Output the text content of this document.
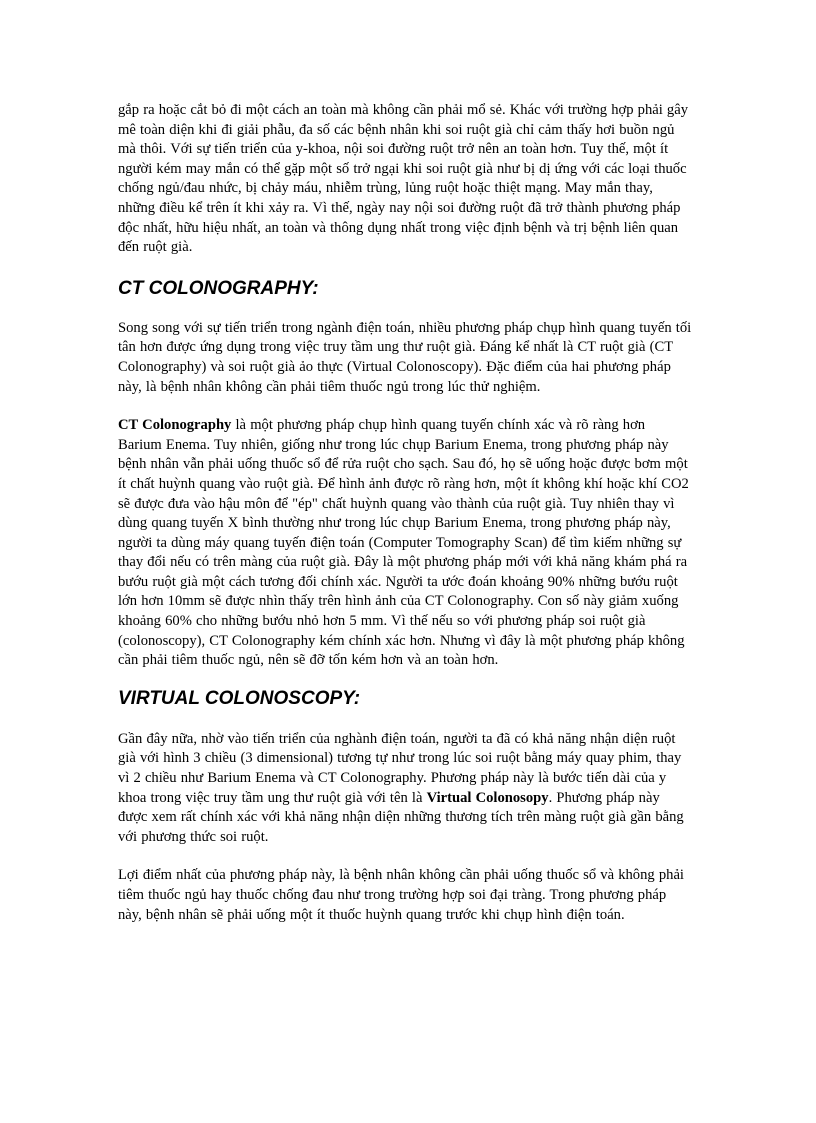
gắp ra hoặc cắt bỏ đi một cách an toàn mà không cần phải mổ sẻ. Khác với trường hợp phải gây mê toàn diện khi đi giải phẫu, đa số các bệnh nhân khi soi ruột già chỉ cảm thấy hơi buồn ngủ mà thôi. Với sự tiến triển của y-khoa, nội soi đường ruột trở nên an toàn hơn. Tuy thế, một ít người kém may mắn có thể gặp một số trở ngại khi soi ruột già như bị dị ứng với các loại thuốc chống ngủ/đau nhức, bị chảy máu, nhiễm trùng, lủng ruột hoặc thiệt mạng. May mắn thay, những điều kể trên ít khi xảy ra. Vì thế, ngày nay nội soi đường ruột đã trở thành phương pháp độc nhất, hữu hiệu nhất, an toàn và thông dụng nhất trong việc định bệnh và trị bệnh liên quan đến ruột già.

CT COLONOGRAPHY:

Song song với sự tiến triển trong ngành điện toán, nhiều phương pháp chụp hình quang tuyến tối tân hơn được ứng dụng trong việc truy tầm ung thư ruột già. Đáng kể nhất là CT ruột già (CT Colonography) và soi ruột già ảo thực (Virtual Colonoscopy). Đặc điểm của hai phương pháp này, là bệnh nhân không cần phải tiêm thuốc ngủ trong lúc thử nghiệm.

CT Colonography là một phương pháp chụp hình quang tuyến chính xác và rõ ràng hơn Barium Enema. Tuy nhiên, giống như trong lúc chụp Barium Enema, trong phương pháp này bệnh nhân vẫn phải uống thuốc sổ để rửa ruột cho sạch. Sau đó, họ sẽ uống hoặc được bơm một ít chất huỳnh quang vào ruột già. Để hình ảnh được rõ ràng hơn, một ít không khí hoặc khí CO2 sẽ được đưa vào hậu môn để "ép" chất huỳnh quang vào thành của ruột già. Tuy nhiên thay vì dùng quang tuyến X bình thường như trong lúc chụp Barium Enema, trong phương pháp này, người ta dùng máy quang tuyến điện toán (Computer Tomography Scan) để tìm kiếm những sự thay đổi nếu có trên màng của ruột già. Đây là một phương pháp mới với khả năng khám phá ra bướu ruột già một cách tương đối chính xác. Người ta ước đoán khoảng 90% những bướu ruột lớn hơn 10mm sẽ được nhìn thấy trên hình ảnh của CT Colonography. Con số này giảm xuống khoảng 60% cho những bướu nhỏ hơn 5 mm. Vì thế nếu so với phương pháp soi ruột già (colonoscopy), CT Colonography kém chính xác hơn. Nhưng vì đây là một phương pháp không cần phải tiêm thuốc ngủ, nên sẽ đỡ tốn kém hơn và an toàn hơn.

VIRTUAL COLONOSCOPY:

Gần đây nữa, nhờ vào tiến triển của nghành điện toán, người ta đã có khả năng nhận diện ruột già với hình 3 chiều (3 dimensional) tương tự như trong lúc soi ruột bằng máy quay phim, thay vì 2 chiều như Barium Enema và CT Colonography. Phương pháp này là bước tiến dài của y khoa trong việc truy tầm ung thư ruột già với tên là Virtual Colonosopy. Phương pháp này được xem rất chính xác với khả năng nhận diện những thương tích trên màng ruột già gần bằng với phương thức soi ruột.

Lợi điểm nhất của phương pháp này, là bệnh nhân không cần phải uống thuốc sổ và không phải tiêm thuốc ngủ hay thuốc chống đau như trong trường hợp soi đại tràng. Trong phương pháp này, bệnh nhân sẽ phải uống một ít thuốc huỳnh quang trước khi chụp hình điện toán.
